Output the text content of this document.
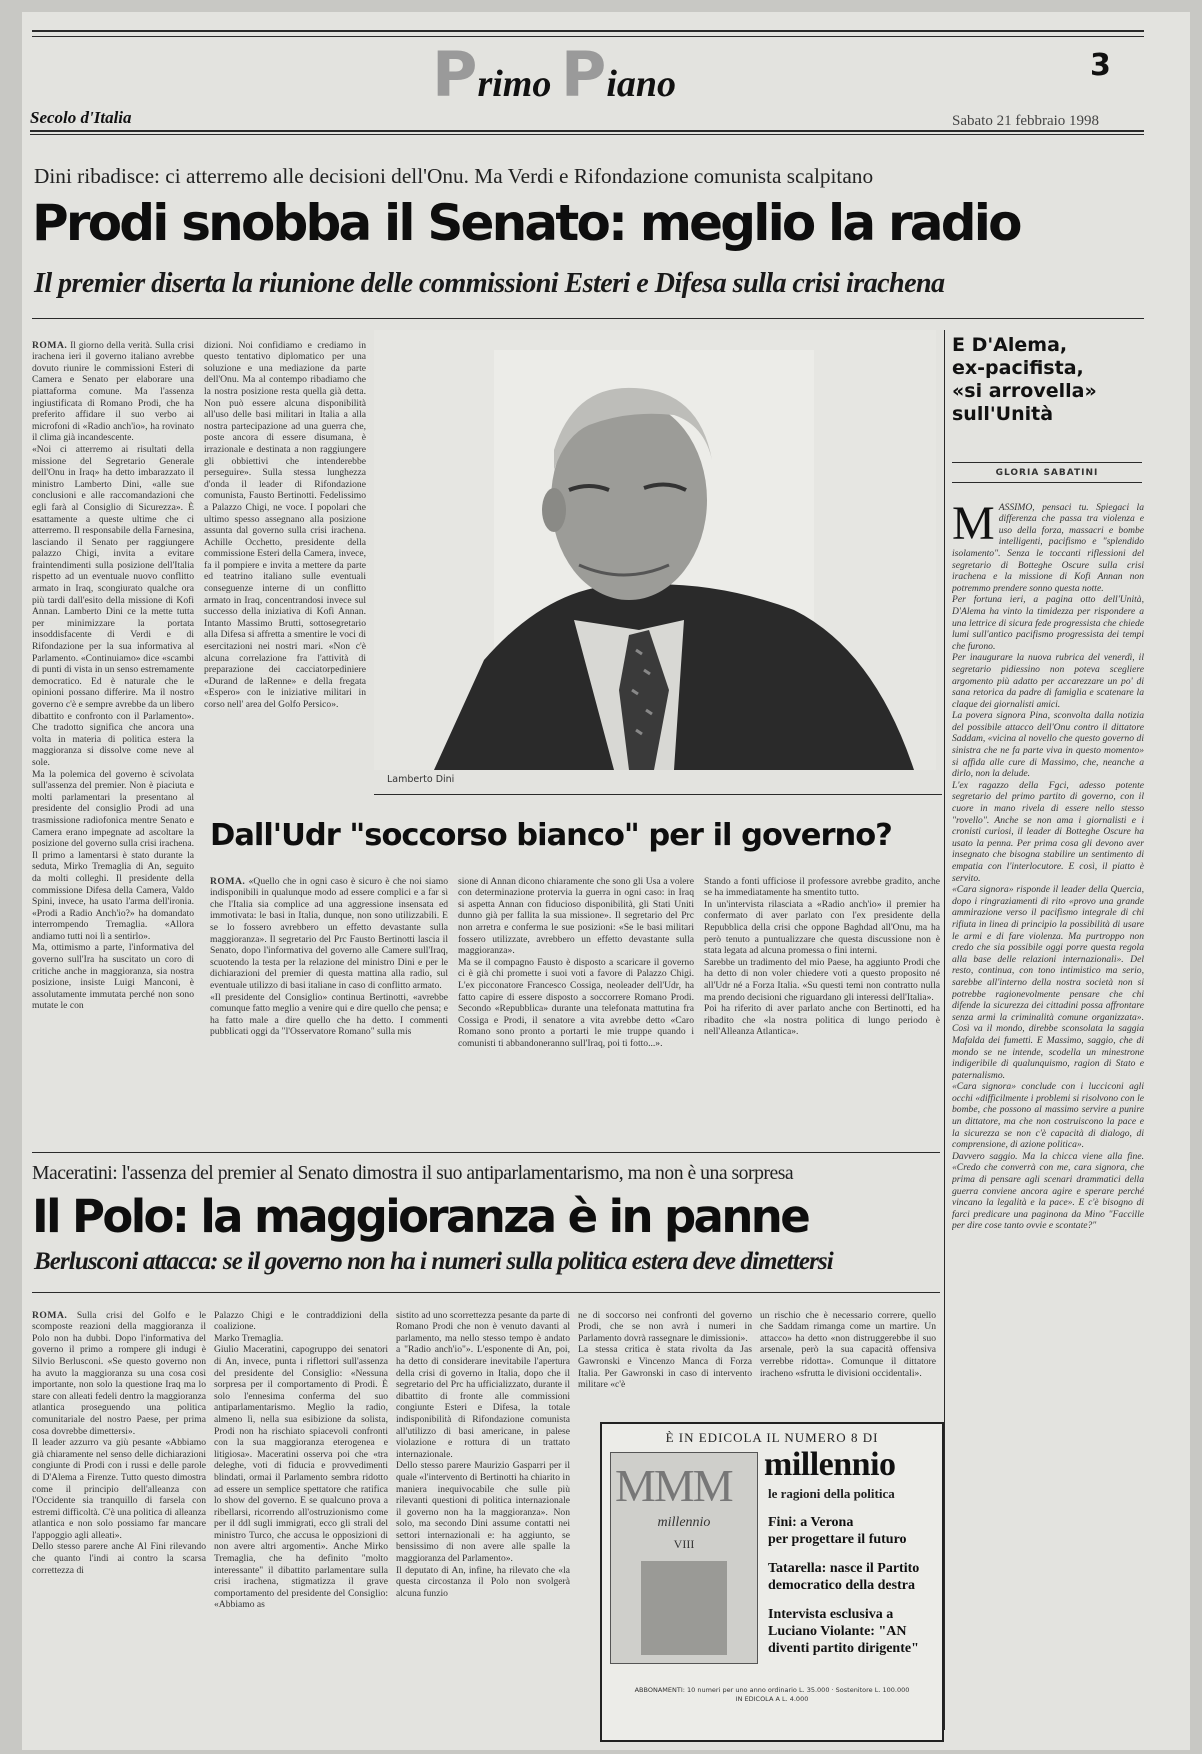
Primo Piano	3
Secolo d'Italia	Sabato 21 febbraio 1998
Dini ribadisce: ci atterremo alle decisioni dell'Onu. Ma Verdi e Rifondazione comunista scalpitano
Prodi snobba il Senato: meglio la radio
Il premier diserta la riunione delle commissioni Esteri e Difesa sulla crisi irachena

ROMA. Il giorno della verità. Sulla crisi irachena ieri il governo italiano avrebbe dovuto riunire le commissioni Esteri di Camera e Senato per elaborare una piattaforma comune. Ma l'assenza ingiustificata di Romano Prodi, che ha preferito affidare il suo verbo ai microfoni di «Radio anch'io», ha rovinato il clima già incandescente.
«Noi ci atterremo ai risultati della missione del Segretario Generale dell'Onu in Iraq» ha detto imbarazzato il ministro Lamberto Dini, «alle sue conclusioni e alle raccomandazioni che egli farà al Consiglio di Sicurezza». È esattamente a queste ultime che ci atterremo. Il responsabile della Farnesina, lasciando il Senato per raggiungere palazzo Chigi, invita a evitare fraintendimenti sulla posizione dell'Italia rispetto ad un eventuale nuovo conflitto armato in Iraq, scongiurato qualche ora più tardi dall'esito della missione di Kofi Annan. Lamberto Dini ce la mette tutta per minimizzare la portata insoddisfacente di Verdi e di Rifondazione per la sua informativa al Parlamento. «Continuiamo» dice «scambi di punti di vista in un senso estremamente democratico. Ed è naturale che le opinioni possano differire. Ma il nostro governo c'è e sempre avrebbe da un libero dibattito e confronto con il Parlamento». Che tradotto significa che ancora una volta in materia di politica estera la maggioranza si dissolve come neve al sole.
Ma la polemica del governo è scivolata sull'assenza del premier. Non è piaciuta e molti parlamentari la presentano al presidente del consiglio Prodi ad una trasmissione radiofonica mentre Senato e Camera erano impegnate ad ascoltare la posizione del governo sulla crisi irachena. Il primo a lamentarsi è stato durante la seduta, Mirko Tremaglia di An, seguito da molti colleghi. Il presidente della commissione Difesa della Camera, Valdo Spini, invece, ha usato l'arma dell'ironia. «Prodi a Radio Anch'io?» ha domandato interrompendo Tremaglia. «Allora andiamo tutti noi lì a sentirlo».
Ma, ottimismo a parte, l'informativa del governo sull'Ira ha suscitato un coro di critiche anche in maggioranza, sia nostra posizione, insiste Luigi Manconi, è assolutamente immutata perché non sono mutate le con

dizioni. Noi confidiamo e crediamo in questo tentativo diplomatico per una soluzione e una mediazione da parte dell'Onu. Ma al contempo ribadiamo che la nostra posizione resta quella già detta. Non può essere alcuna disponibilità all'uso delle basi militari in Italia a alla nostra partecipazione ad una guerra che, poste ancora di essere disumana, è irrazionale e destinata a non raggiungere gli obbiettivi che intenderebbe perseguire». Sulla stessa lunghezza d'onda il leader di Rifondazione comunista, Fausto Bertinotti. Fedelissimo a Palazzo Chigi, ne voce. I popolari che ultimo spesso assegnano alla posizione assunta dal governo sulla crisi irachena. Achille Occhetto, presidente della commissione Esteri della Camera, invece, fa il pompiere e invita a mettere da parte ed teatrino italiano sulle eventuali conseguenze interne di un conflitto armato in Iraq, concentrandosi invece sul successo della iniziativa di Kofi Annan. Intanto Massimo Brutti, sottosegretario alla Difesa si affretta a smentire le voci di esercitazioni nei nostri mari. «Non c'è alcuna correlazione fra l'attività di preparazione dei cacciatorpediniere «Durand de laRenne» e della fregata «Espero» con le iniziative militari in corso nell' area del Golfo Persico».

Lamberto Dini
E D'Alema,
ex-pacifista,
«si arrovella»
sull'Unità
GLORIA SABATINI

MASSIMO, pensaci tu. Spiegaci la differenza che passa tra violenza e uso della forza, massacri e bombe intelligenti, pacifismo e "splendido isolamento". Senza le toccanti riflessioni del segretario di Botteghe Oscure sulla crisi irachena e la missione di Kofi Annan non potremmo prendere sonno questa notte.
Per fortuna ieri, a pagina otto dell'Unità, D'Alema ha vinto la timidezza per rispondere a una lettrice di sicura fede progressista che chiede lumi sull'antico pacifismo progressista dei tempi che furono.
Per inaugurare la nuova rubrica del venerdì, il segretario pidiessino non poteva scegliere argomento più adatto per accarezzare un po' di sana retorica da padre di famiglia e scatenare la claque dei giornalisti amici.
La povera signora Pina, sconvolta dalla notizia del possibile attacco dell'Onu contro il dittatore Saddam, «vicina al novello che questo governo di sinistra che ne fa parte viva in questo momento» si affida alle cure di Massimo, che, neanche a dirlo, non la delude.
L'ex ragazzo della Fgci, adesso potente segretario del primo partito di governo, con il cuore in mano rivela di essere nello stesso "rovello". Anche se non ama i giornalisti e i cronisti curiosi, il leader di Botteghe Oscure ha usato la penna. Per prima cosa gli devono aver insegnato che bisogna stabilire un sentimento di empatia con l'interlocutore. E così, il piatto è servito.
«Cara signora» risponde il leader della Quercia, dopo i ringraziamenti di rito «provo una grande ammirazione verso il pacifismo integrale di chi rifiuta in linea di principio la possibilità di usare le armi e di fare violenza. Ma purtroppo non credo che sia possibile oggi porre questa regola alla base delle relazioni internazionali». Del resto, continua, con tono intimistico ma serio, sarebbe all'interno della nostra società non si potrebbe ragionevolmente pensare che chi difende la sicurezza dei cittadini possa affrontare senza armi la criminalità comune organizzata». Così va il mondo, direbbe sconsolata la saggia Mafalda dei fumetti. E Massimo, saggio, che di mondo se ne intende, scodella un minestrone indigeribile di qualunquismo, ragion di Stato e paternalismo.
«Cara signora» conclude con i lucciconi agli occhi «difficilmente i problemi si risolvono con le bombe, che possono al massimo servire a punire un dittatore, ma che non costruiscono la pace e la sicurezza se non c'è capacità di dialogo, di comprensione, di azione politica».
Davvero saggio. Ma la chicca viene alla fine. «Credo che converrà con me, cara signora, che prima di pensare agli scenari drammatici della guerra conviene ancora agire e sperare perché vincano la legalità e la pace». E c'è bisogno di farci predicare una paginona da Mino "Faccille per dire cose tanto ovvie e scontate?"

Dall'Udr "soccorso bianco" per il governo?

ROMA. «Quello che in ogni caso è sicuro è che noi siamo indisponibili in qualunque modo ad essere complici e a far sì che l'Italia sia complice ad una aggressione insensata ed immotivata: le basi in Italia, dunque, non sono utilizzabili. E se lo fossero avrebbero un effetto devastante sulla maggioranza». Il segretario del Prc Fausto Bertinotti lascia il Senato, dopo l'informativa del governo alle Camere sull'Iraq, scuotendo la testa per la relazione del ministro Dini e per le dichiarazioni del premier di questa mattina alla radio, sul eventuale utilizzo di basi italiane in caso di conflitto armato.
«Il presidente del Consiglio» continua Bertinotti, «avrebbe comunque fatto meglio a venire qui e dire quello che pensa; e ha fatto male a dire quello che ha detto. I commenti pubblicati oggi da "l'Osservatore Romano" sulla mis

sione di Annan dicono chiaramente che sono gli Usa a volere con determinazione protervia la guerra in ogni caso: in Iraq si aspetta Annan con fiducioso disponibilità, gli Stati Uniti dunno già per fallita la sua missione». Il segretario del Prc non arretra e conferma le sue posizioni: «Se le basi militari fossero utilizzate, avrebbero un effetto devastante sulla maggioranza».
Ma se il compagno Fausto è disposto a scaricare il governo ci è già chi promette i suoi voti a favore di Palazzo Chigi. L'ex picconatore Francesco Cossiga, neoleader dell'Udr, ha fatto capire di essere disposto a soccorrere Romano Prodi. Secondo «Repubblica» durante una telefonata mattutina fra Cossiga e Prodi, il senatore a vita avrebbe detto «Caro Romano sono pronto a portarti le mie truppe quando i comunisti ti abbandoneranno sull'Iraq, poi ti fotto...».

Stando a fonti ufficiose il professore avrebbe gradito, anche se ha immediatamente ha smentito tutto.
In un'intervista rilasciata a «Radio anch'io» il premier ha confermato di aver parlato con l'ex presidente della Repubblica della crisi che oppone Baghdad all'Onu, ma ha però tenuto a puntualizzare che questa discussione non è stata legata ad alcuna promessa o fini interni.
Sarebbe un tradimento del mio Paese, ha aggiunto Prodi che ha detto di non voler chiedere voti a questo proposito né all'Udr né a Forza Italia. «Su questi temi non contratto nulla ma prendo decisioni che riguardano gli interessi dell'Italia».
Poi ha riferito di aver parlato anche con Bertinotti, ed ha ribadito che «la nostra politica di lungo periodo è nell'Alleanza Atlantica».

Maceratini: l'assenza del premier al Senato dimostra il suo antiparlamentarismo, ma non è una sorpresa
Il Polo: la maggioranza è in panne
Berlusconi attacca: se il governo non ha i numeri sulla politica estera deve dimettersi

ROMA. Sulla crisi del Golfo e le scomposte reazioni della maggioranza il Polo non ha dubbi. Dopo l'informativa del governo il primo a rompere gli indugi è Silvio Berlusconi. «Se questo governo non ha avuto la maggioranza su una cosa così importante, non solo la questione Iraq ma lo stare con alleati fedeli dentro la maggioranza atlantica proseguendo una politica comunitariale del nostro Paese, per prima cosa dovrebbe dimettersi».
Il leader azzurro va giù pesante «Abbiamo già chiaramente nel senso delle dichiarazioni congiunte di Prodi con i russi e delle parole di D'Alema a Firenze. Tutto questo dimostra come il principio dell'alleanza con l'Occidente sia tranquillo di farsela con estremi difficoltà. C'è una politica di alleanza atlantica e non solo possiamo far mancare l'appoggio agli alleati».
Dello stesso parere anche Al Fini rilevando che quanto l'indi ai contro la scarsa correttezza di

Palazzo Chigi e le contraddizioni della coalizione.
Marko Tremaglia.
Giulio Maceratini, capogruppo dei senatori di An, invece, punta i riflettori sull'assenza del presidente del Consiglio: «Nessuna sorpresa per il comportamento di Prodi. È solo l'ennesima conferma del suo antiparlamentarismo. Meglio la radio, almeno lì, nella sua esibizione da solista, Prodi non ha rischiato spiacevoli confronti con la sua maggioranza eterogenea e litigiosa». Maceratini osserva poi che «tra deleghe, voti di fiducia e provvedimenti blindati, ormai il Parlamento sembra ridotto ad essere un semplice spettatore che ratifica lo show del governo. E se qualcuno prova a ribellarsi, ricorrendo all'ostruzionismo come per il ddl sugli immigrati, ecco gli strali del ministro Turco, che accusa le opposizioni di non avere altri argomenti». Anche Mirko Tremaglia, che ha definito "molto interessante" il dibattito parlamentare sulla crisi irachena, stigmatizza il grave comportamento del presidente del Consiglio: «Abbiamo as

sistito ad uno scorrettezza pesante da parte di Romano Prodi che non è venuto davanti al parlamento, ma nello stesso tempo è andato a "Radio anch'io"». L'esponente di An, poi, ha detto di considerare inevitabile l'apertura della crisi di governo in Italia, dopo che il segretario del Prc ha ufficializzato, durante il dibattito di fronte alle commissioni congiunte Esteri e Difesa, la totale indisponibilità di Rifondazione comunista all'utilizzo di basi americane, in palese violazione e rottura di un trattato internazionale.
Dello stesso parere Maurizio Gasparri per il quale «l'intervento di Bertinotti ha chiarito in maniera inequivocabile che sulle più rilevanti questioni di politica internazionale il governo non ha la maggioranza». Non solo, ma secondo Dini assume contatti nei settori internazionali e: ha aggiunto, se bensissimo di non avere alle spalle la maggioranza del Parlamento».
Il deputato di An, infine, ha rilevato che «la questa circostanza il Polo non svolgerà alcuna funzio

ne di soccorso nei confronti del governo Prodi, che se non avrà i numeri in Parlamento dovrà rassegnare le dimissioni».
La stessa critica è stata rivolta da Jas Gawronski e Vincenzo Manca di Forza Italia. Per Gawronski in caso di intervento militare «c'è

un rischio che è necessario correre, quello che Saddam rimanga come un martire. Un attacco» ha detto «non distruggerebbe il suo arsenale, però la sua capacità offensiva verrebbe ridotta». Comunque il dittatore iracheno «sfrutta le divisioni occidentali».

È IN EDICOLA IL NUMERO 8 DI
MMM
millennio
VIII
millennio
le ragioni della politica
Fini: a Verona
per progettare il futuro
Tatarella: nasce il Partito
democratico della destra
Intervista esclusiva a
Luciano Violante: "AN
diventi partito dirigente"
ABBONAMENTI: 10 numeri per uno anno ordinario L. 35.000 · Sostenitore L. 100.000
IN EDICOLA A L. 4.000
